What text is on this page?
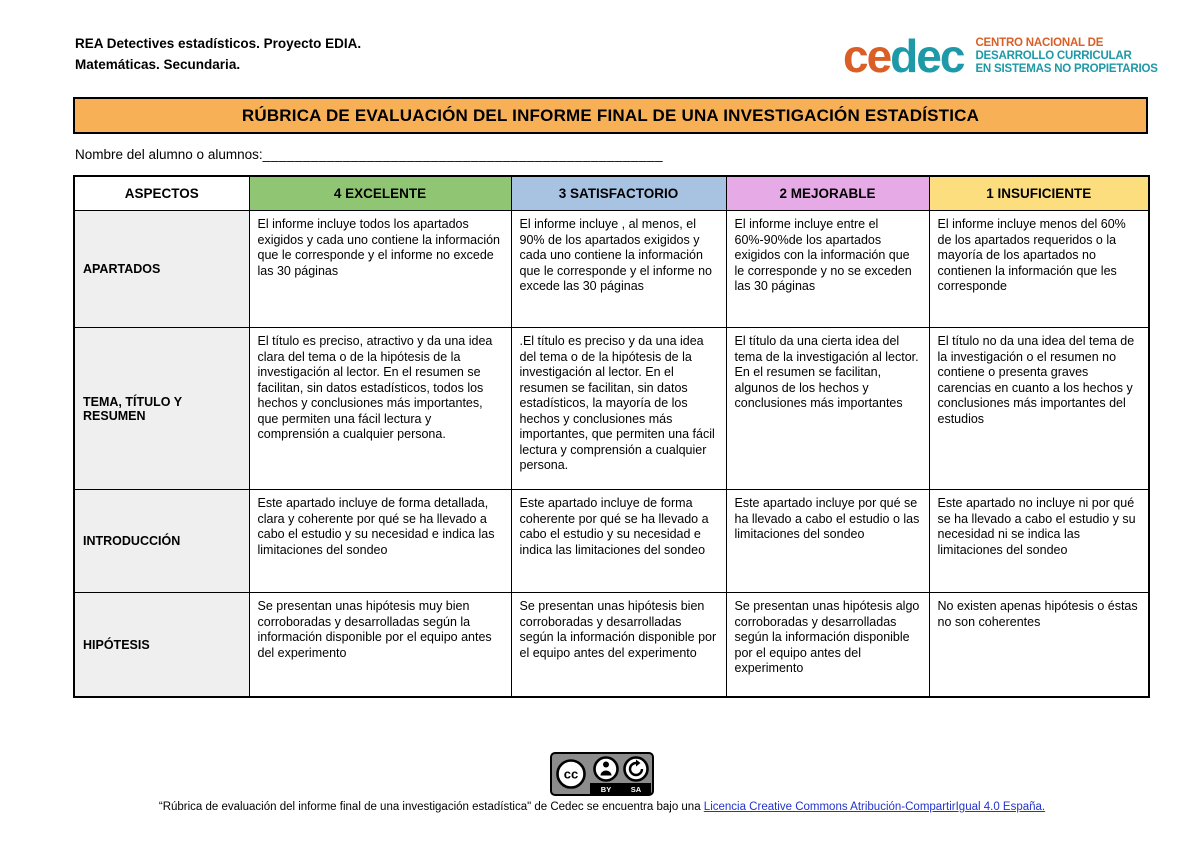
REA Detectives estadísticos. Proyecto EDIA.
Matemáticas. Secundaria.	cedec CENTRO NACIONAL DE
DESARROLLO CURRICULAR
EN SISTEMAS NO PROPIETARIOS
RÚBRICA DE EVALUACIÓN DEL INFORME FINAL DE UNA INVESTIGACIÓN ESTADÍSTICA
Nombre del alumno o alumnos:__________________________________________________
ASPECTOS	4 EXCELENTE	3 SATISFACTORIO	2 MEJORABLE	1 INSUFICIENTE
APARTADOS	El informe incluye todos los apartados exigidos y cada uno contiene la información que le corresponde y el informe no excede las 30 páginas	El informe incluye , al menos, el 90% de los apartados exigidos y cada uno contiene la información que le corresponde y el informe no excede las 30 páginas	El informe incluye entre el 60%-90%de los apartados exigidos con la información que le corresponde y no se exceden las 30 páginas	El informe incluye menos del 60% de los apartados requeridos o la mayoría de los apartados no contienen la información que les corresponde
TEMA, TÍTULO Y RESUMEN	El título es preciso, atractivo y da una idea clara del tema o de la hipótesis de la investigación al lector. En el resumen se facilitan, sin datos estadísticos, todos los hechos y conclusiones más importantes, que permiten una fácil lectura y comprensión a cualquier persona.	.El título es preciso y da una idea del tema o de la hipótesis de la investigación al lector. En el resumen se facilitan, sin datos estadísticos, la mayoría de los hechos y conclusiones más importantes, que permiten una fácil lectura y comprensión a cualquier persona.	El título da una cierta idea del tema de la investigación al lector. En el resumen se facilitan, algunos de los hechos y conclusiones más importantes	El título no da una idea del tema de la investigación o el resumen no contiene o presenta graves carencias en cuanto a los hechos y conclusiones más importantes del estudios
INTRODUCCIÓN	Este apartado incluye de forma detallada, clara y coherente por qué se ha llevado a cabo el estudio y su necesidad e indica las limitaciones del sondeo	Este apartado incluye de forma coherente por qué se ha llevado a cabo el estudio y su necesidad e indica las limitaciones del sondeo	Este apartado incluye por qué se ha llevado a cabo el estudio o las limitaciones del sondeo	Este apartado no incluye ni por qué se ha llevado a cabo el estudio y su necesidad ni se indica las limitaciones del sondeo
HIPÓTESIS	Se presentan unas hipótesis muy bien corroboradas y desarrolladas según la información disponible por el equipo antes del experimento	Se presentan unas hipótesis bien corroboradas y desarrolladas según la información disponible por el equipo antes del experimento	Se presentan unas hipótesis algo corroboradas y desarrolladas según la información disponible por el equipo antes del experimento	No existen apenas hipótesis o éstas no son coherentes
cc
BY	SA
“Rúbrica de evaluación del informe final de una investigación estadística" de Cedec se encuentra bajo una Licencia Creative Commons Atribución-CompartirIgual 4.0 España.
